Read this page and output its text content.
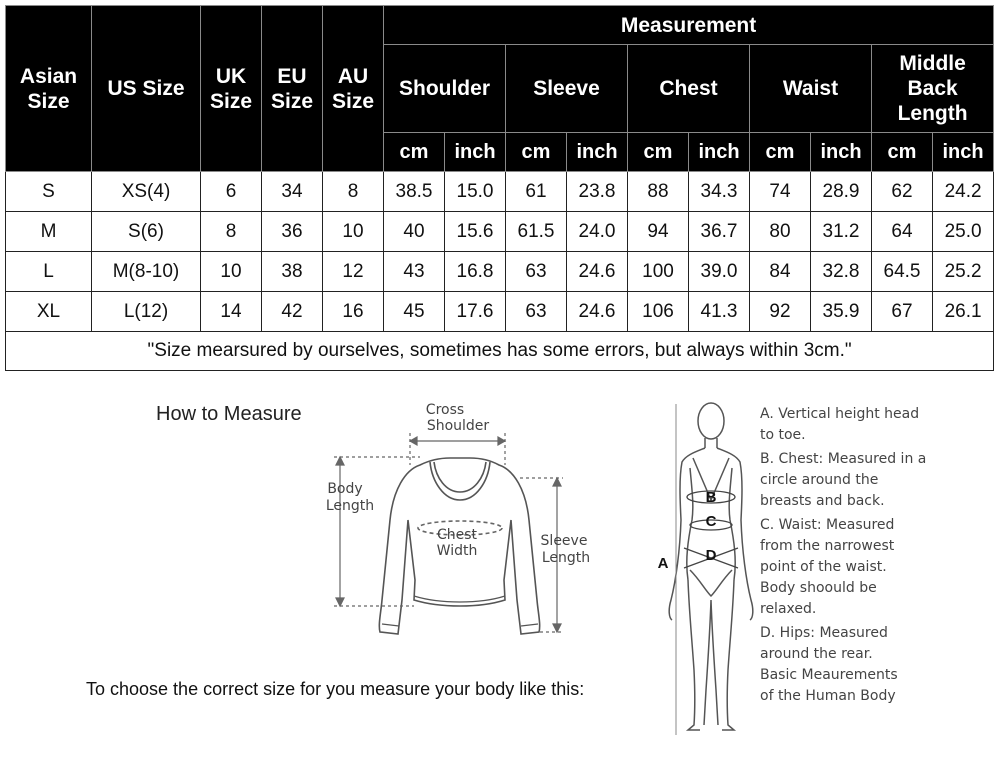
Asian Size	US Size	UK Size	EU Size	AU Size	Measurement									
					Shoulder		Sleeve		Chest		Waist		Middle Back Length	
					cm	inch	cm	inch	cm	inch	cm	inch	cm	inch
S	XS(4)	6	34	8	38.5	15.0	61	23.8	88	34.3	74	28.9	62	24.2
M	S(6)	8	36	10	40	15.6	61.5	24.0	94	36.7	80	31.2	64	25.0
L	M(8-10)	10	38	12	43	16.8	63	24.6	100	39.0	84	32.8	64.5	25.2
XL	L(12)	14	42	16	45	17.6	63	24.6	106	41.3	92	35.9	67	26.1
"Size mearsured by ourselves, sometimes has some errors, but always within 3cm."														
How to Measure
To choose the correct size for you measure your body like this:
Cross
Shoulder
Body
Length
Chest
Width
Sleeve
Length	A
B
C
D
A. Vertical height head
to toe.
B. Chest: Measured in a
circle around the
breasts and back.
C. Waist: Measured
from the narrowest
point of the waist.
Body shoould be
relaxed.
D. Hips: Measured
around the rear.
Basic Meaurements
of the Human Body
